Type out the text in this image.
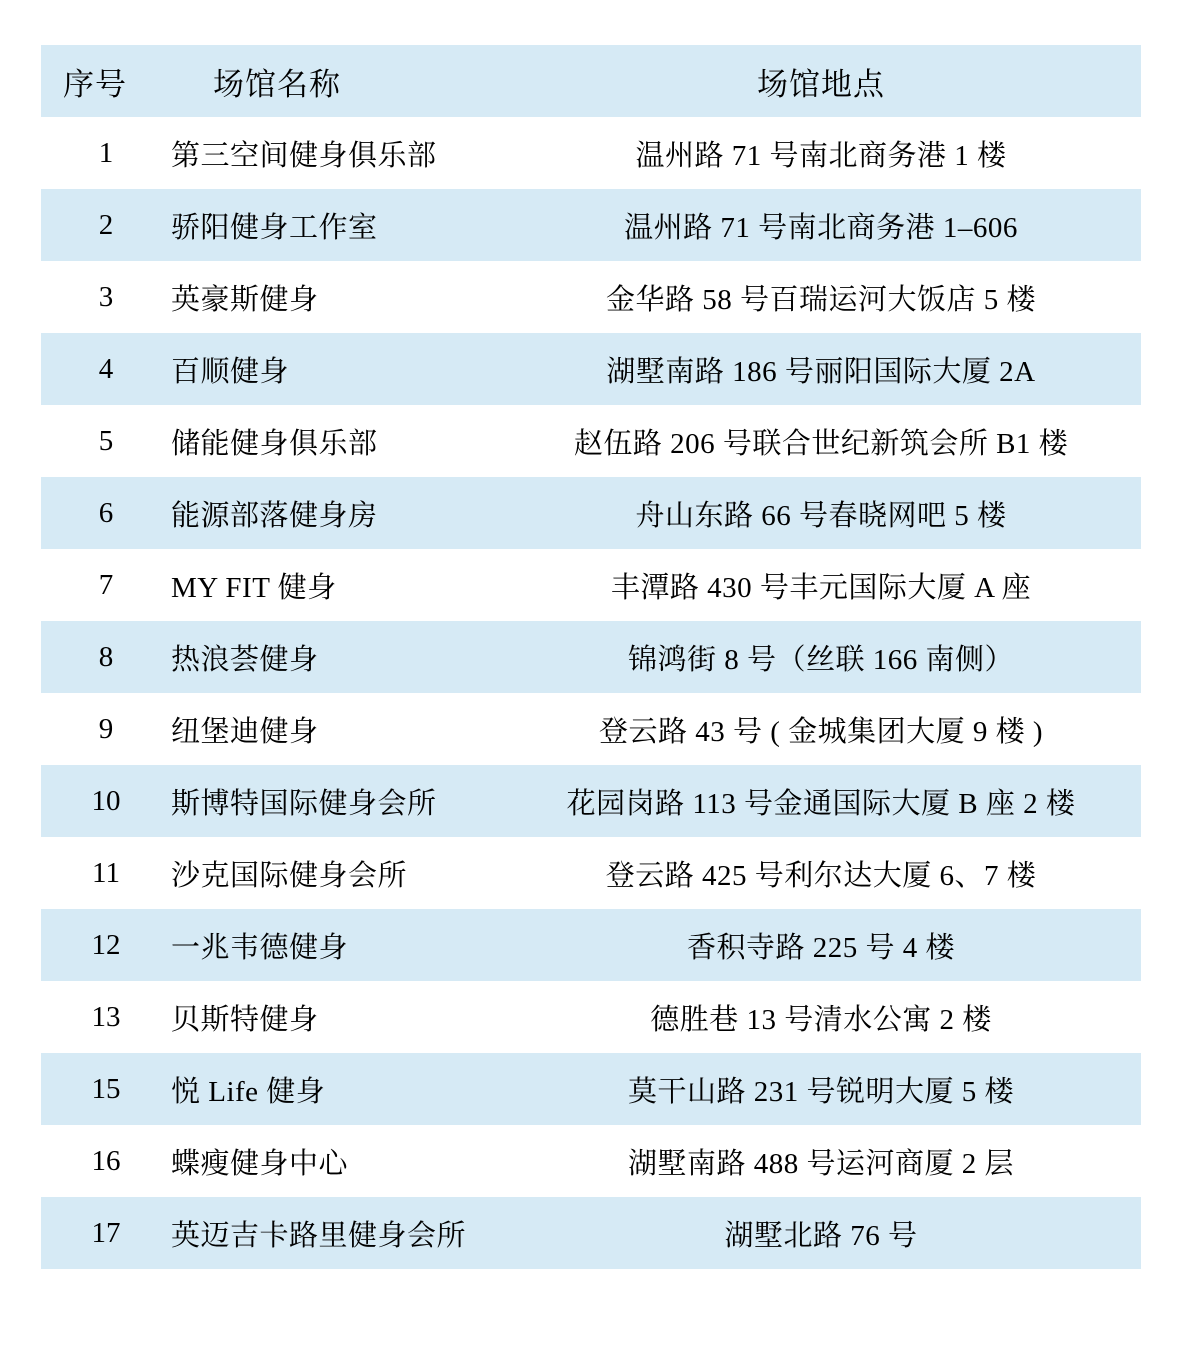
序号	场馆名称	场馆地点
1	第三空间健身俱乐部	温州路 71 号南北商务港 1 楼
2	骄阳健身工作室	温州路 71 号南北商务港 1–606
3	英豪斯健身	金华路 58 号百瑞运河大饭店 5 楼
4	百顺健身	湖墅南路 186 号丽阳国际大厦 2A
5	储能健身俱乐部	赵伍路 206 号联合世纪新筑会所 B1 楼
6	能源部落健身房	舟山东路 66 号春晓网吧 5 楼
7	MY FIT 健身	丰潭路 430 号丰元国际大厦 A 座
8	热浪荟健身	锦鸿街 8 号（丝联 166 南侧）
9	纽堡迪健身	登云路 43 号 ( 金城集团大厦 9 楼 )
10	斯博特国际健身会所	花园岗路 113 号金通国际大厦 B 座 2 楼
11	沙克国际健身会所	登云路 425 号利尔达大厦 6、7 楼
12	一兆韦德健身	香积寺路 225 号 4 楼
13	贝斯特健身	德胜巷 13 号清水公寓 2 楼
15	悦 Life 健身	莫干山路 231 号锐明大厦 5 楼
16	蝶瘦健身中心	湖墅南路 488 号运河商厦 2 层
17	英迈吉卡路里健身会所	湖墅北路 76 号
